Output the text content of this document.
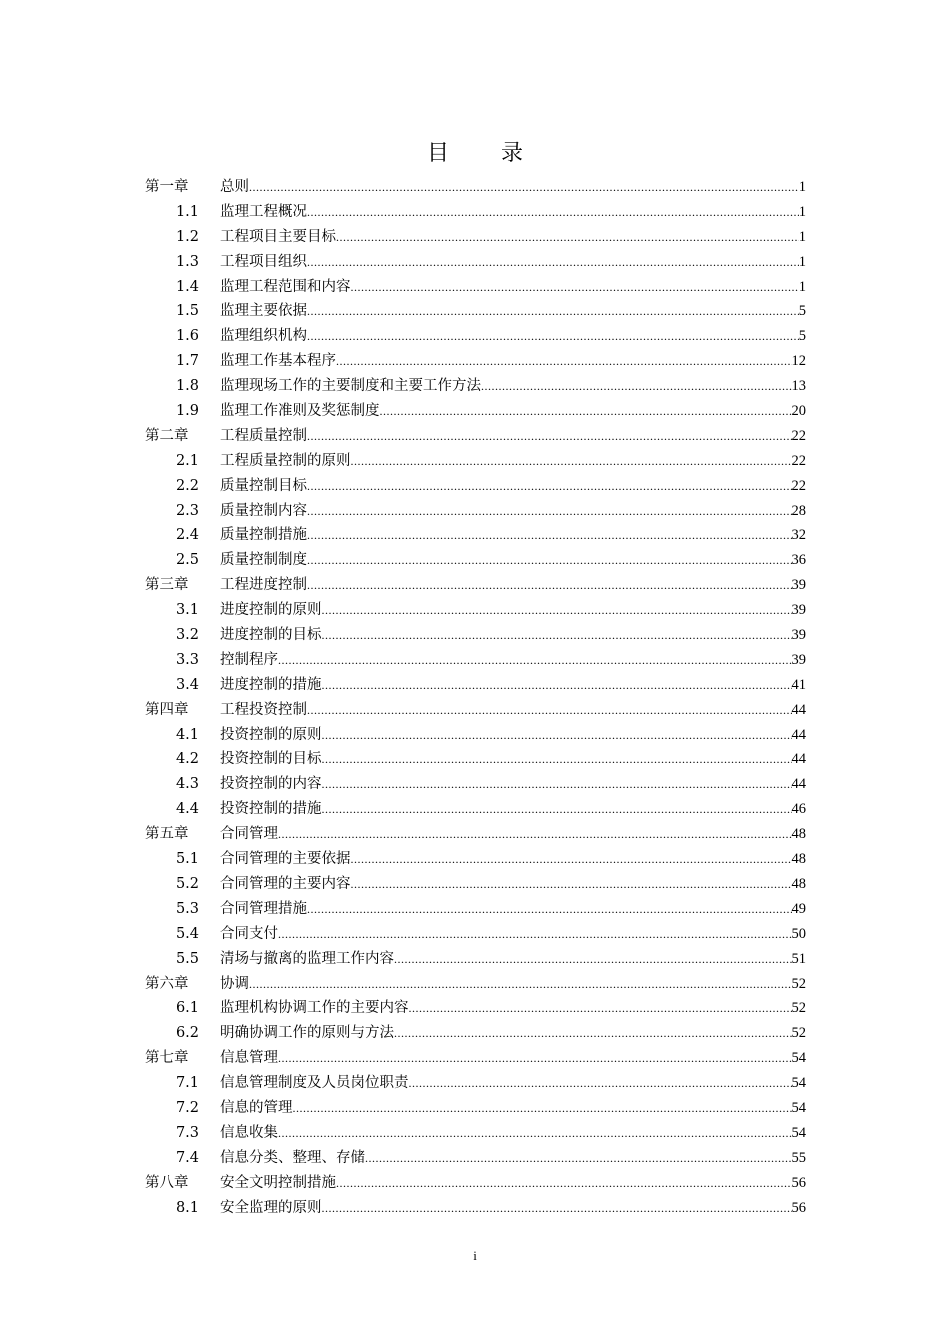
目 录
第一章	总则 .....	1
1.1 监理工程概况 .....	1
1.2 工程项目主要目标 .....	1
1.3 工程项目组织 .....	1
1.4 监理工程范围和内容 .....	1
1.5 监理主要依据 .....	5
1.6 监理组织机构 .....	5
1.7 监理工作基本程序 .....	12
1.8 监理现场工作的主要制度和主要工作方法 .....	13
1.9 监理工作准则及奖惩制度 .....	20
第二章	工程质量控制 .....	22
2.1 工程质量控制的原则 .....	22
2.2 质量控制目标 .....	22
2.3 质量控制内容 .....	28
2.4 质量控制措施 .....	32
2.5 质量控制制度 .....	36
第三章	工程进度控制 .....	39
3.1 进度控制的原则 .....	39
3.2 进度控制的目标 .....	39
3.3 控制程序 .....	39
3.4 进度控制的措施 .....	41
第四章	工程投资控制 .....	44
4.1 投资控制的原则 .....	44
4.2 投资控制的目标 .....	44
4.3 投资控制的内容 .....	44
4.4 投资控制的措施 .....	46
第五章	合同管理 .....	48
5.1 合同管理的主要依据 .....	48
5.2 合同管理的主要内容 .....	48
5.3 合同管理措施 .....	49
5.4 合同支付 .....	50
5.5 清场与撤离的监理工作内容 .....	51
第六章	协调 .....	52
6.1 监理机构协调工作的主要内容 .....	52
6.2 明确协调工作的原则与方法 .....	52
第七章	信息管理 .....	54
7.1 信息管理制度及人员岗位职责 .....	54
7.2 信息的管理 .....	54
7.3 信息收集 .....	54
7.4 信息分类、整理、存储 .....	55
第八章	安全文明控制措施 .....	56
8.1 安全监理的原则 .....	56
i
